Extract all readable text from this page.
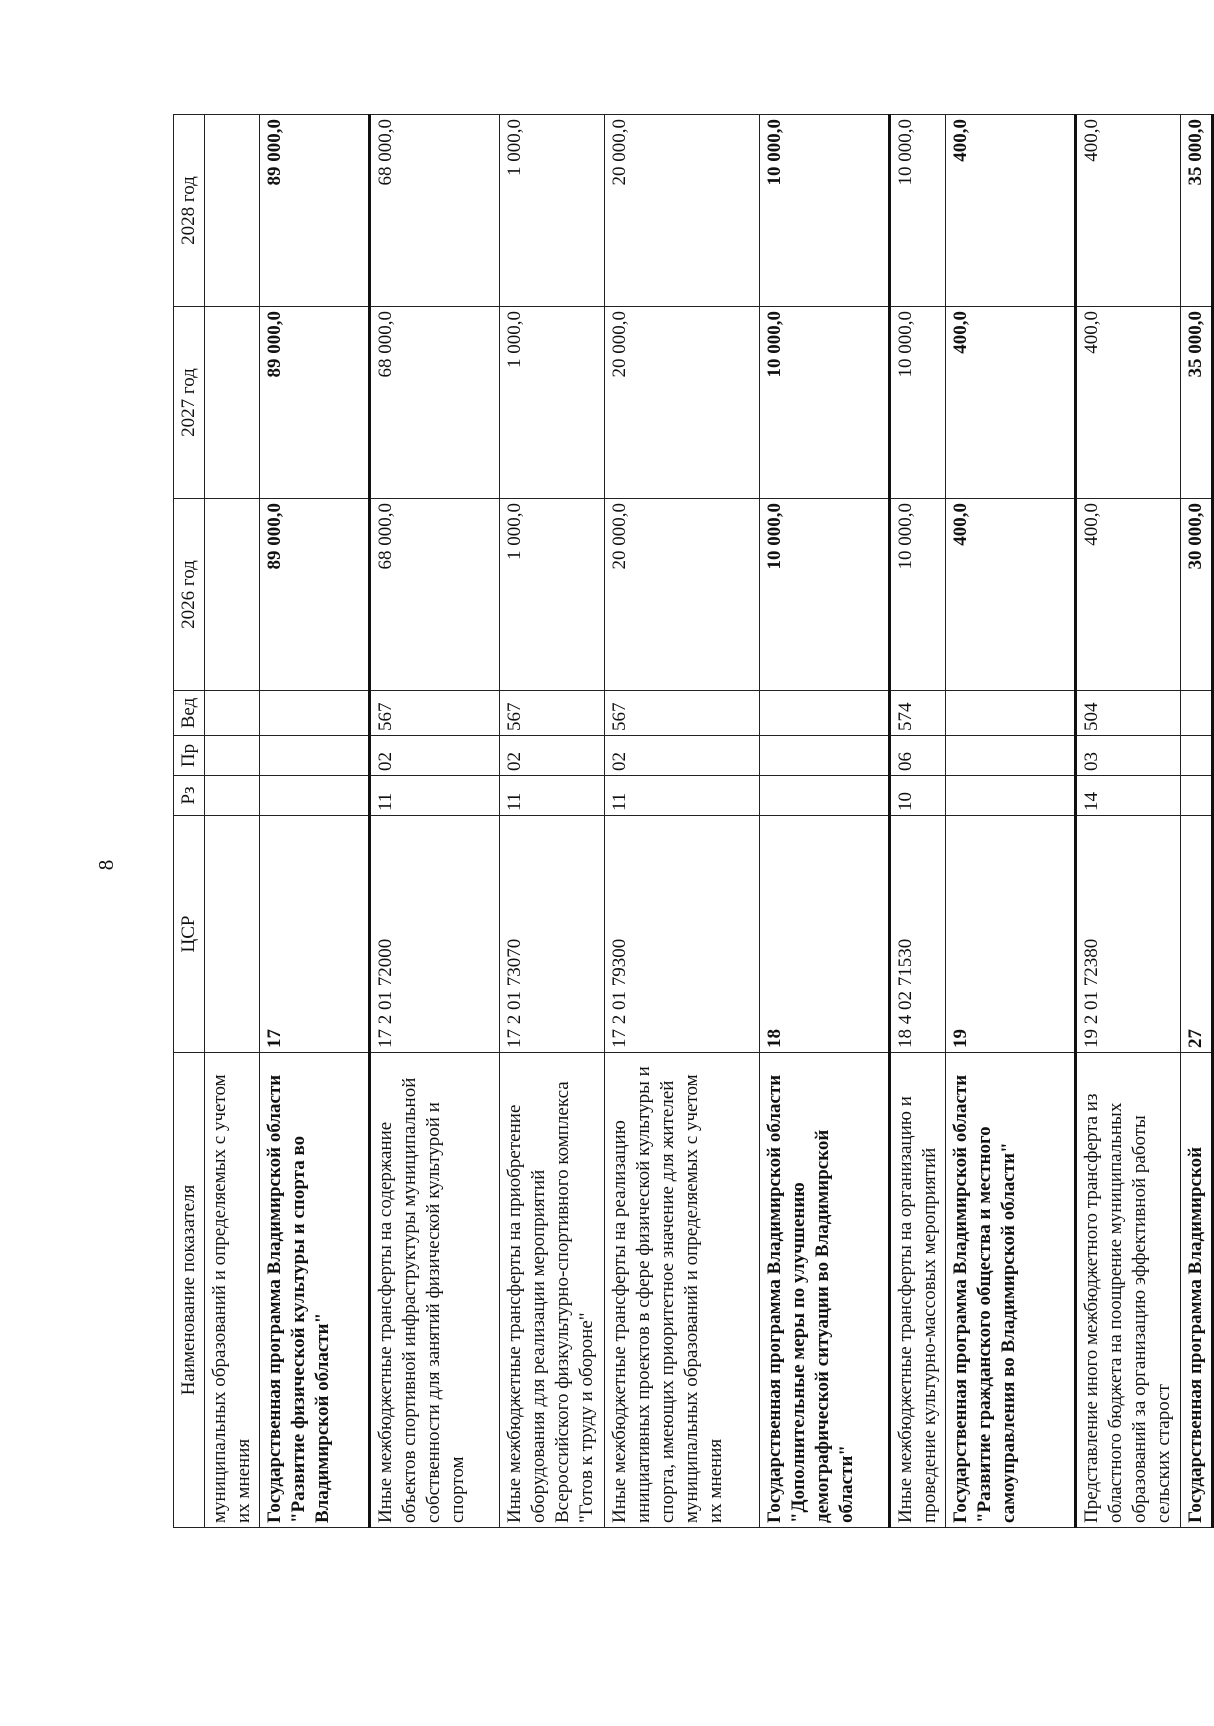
8
Наименование показателя	ЦСР	Рз	Пр	Вед	2026 год	2027 год	2028 год
муниципальных образований и определяемых с учетом их мнения							
Государственная программа Владимирской области "Развитие физической культуры и спорта во Владимирской области"	17				89 000,0	89 000,0	89 000,0
Иные межбюджетные трансферты на содержание объектов спортивной инфраструктуры муниципальной собственности для занятий физической культурой и спортом	17 2 01 72000	11	02	567	68 000,0	68 000,0	68 000,0
Иные межбюджетные трансферты на приобретение оборудования для реализации мероприятий Всероссийского физкультурно-спортивного комплекса "Готов к труду и обороне"	17 2 01 73070	11	02	567	1 000,0	1 000,0	1 000,0
Иные межбюджетные трансферты на реализацию инициативных проектов в сфере физической культуры и спорта, имеющих приоритетное значение для жителей муниципальных образований и определяемых с учетом их мнения	17 2 01 79300	11	02	567	20 000,0	20 000,0	20 000,0
Государственная программа Владимирской области "Дополнительные меры по улучшению демографической ситуации во Владимирской области"	18				10 000,0	10 000,0	10 000,0
Иные межбюджетные трансферты на организацию и проведение культурно-массовых мероприятий	18 4 02 71530	10	06	574	10 000,0	10 000,0	10 000,0
Государственная программа Владимирской области "Развитие гражданского общества и местного самоуправления во Владимирской области"	19				400,0	400,0	400,0
Представление иного межбюджетного трансферта из областного бюджета на поощрение муниципальных образований за организацию эффективной работы сельских старост	19 2 01 72380	14	03	504	400,0	400,0	400,0
Государственная программа Владимирской	27				30 000,0	35 000,0	35 000,0
